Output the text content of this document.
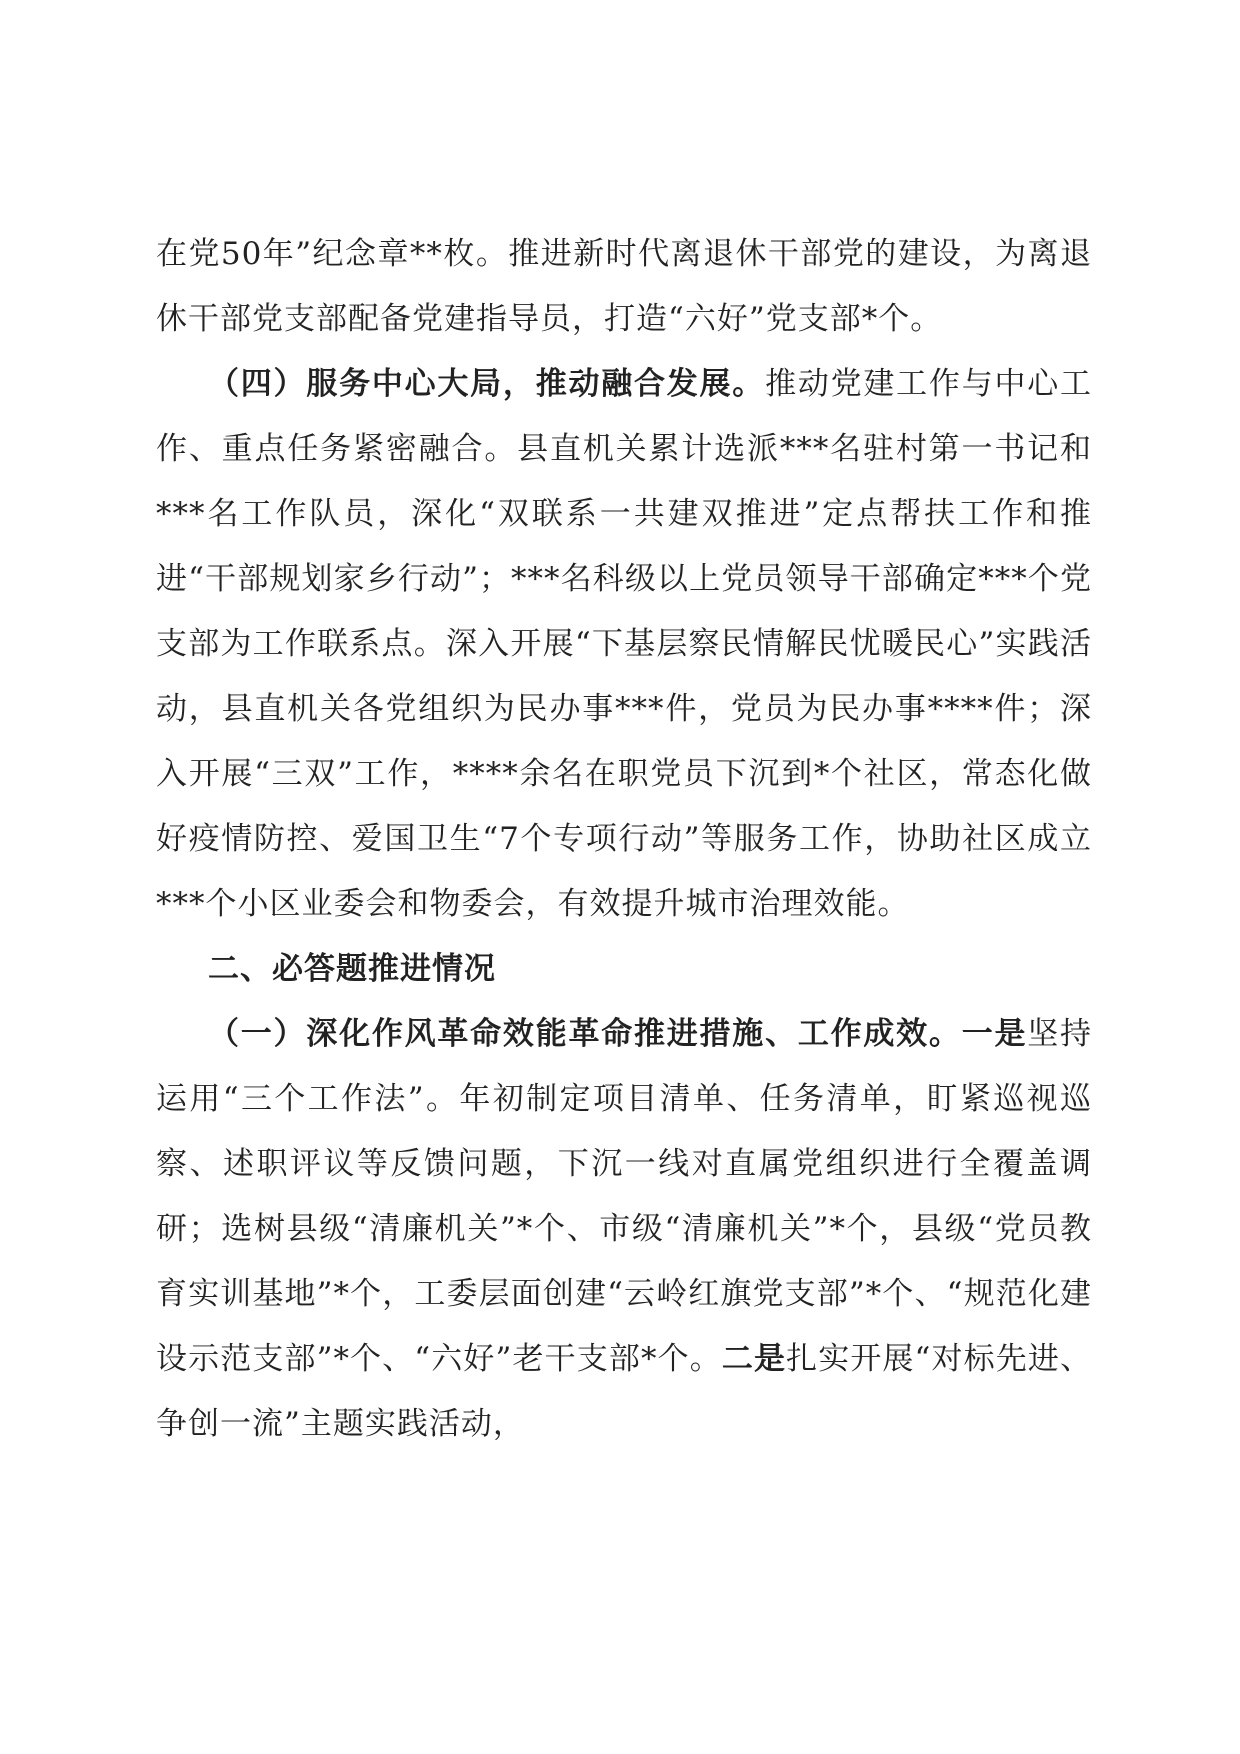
在党50年”纪念章**枚。推进新时代离退休干部党的建设，为离退休干部党支部配备党建指导员，打造“六好”党支部*个。

（四）服务中心大局，推动融合发展。推动党建工作与中心工作、重点任务紧密融合。县直机关累计选派***名驻村第一书记和***名工作队员，深化“双联系一共建双推进”定点帮扶工作和推进“干部规划家乡行动”；***名科级以上党员领导干部确定***个党支部为工作联系点。深入开展“下基层察民情解民忧暖民心”实践活动，县直机关各党组织为民办事***件，党员为民办事****件；深入开展“三双”工作，****余名在职党员下沉到*个社区，常态化做好疫情防控、爱国卫生“7个专项行动”等服务工作，协助社区成立***个小区业委会和物委会，有效提升城市治理效能。

二、必答题推进情况

（一）深化作风革命效能革命推进措施、工作成效。一是坚持运用“三个工作法”。年初制定项目清单、任务清单，盯紧巡视巡察、述职评议等反馈问题，下沉一线对直属党组织进行全覆盖调研；选树县级“清廉机关”*个、市级“清廉机关”*个，县级“党员教育实训基地”*个，工委层面创建“云岭红旗党支部”*个、“规范化建设示范支部”*个、“六好”老干支部*个。二是扎实开展“对标先进、争创一流”主题实践活动，
